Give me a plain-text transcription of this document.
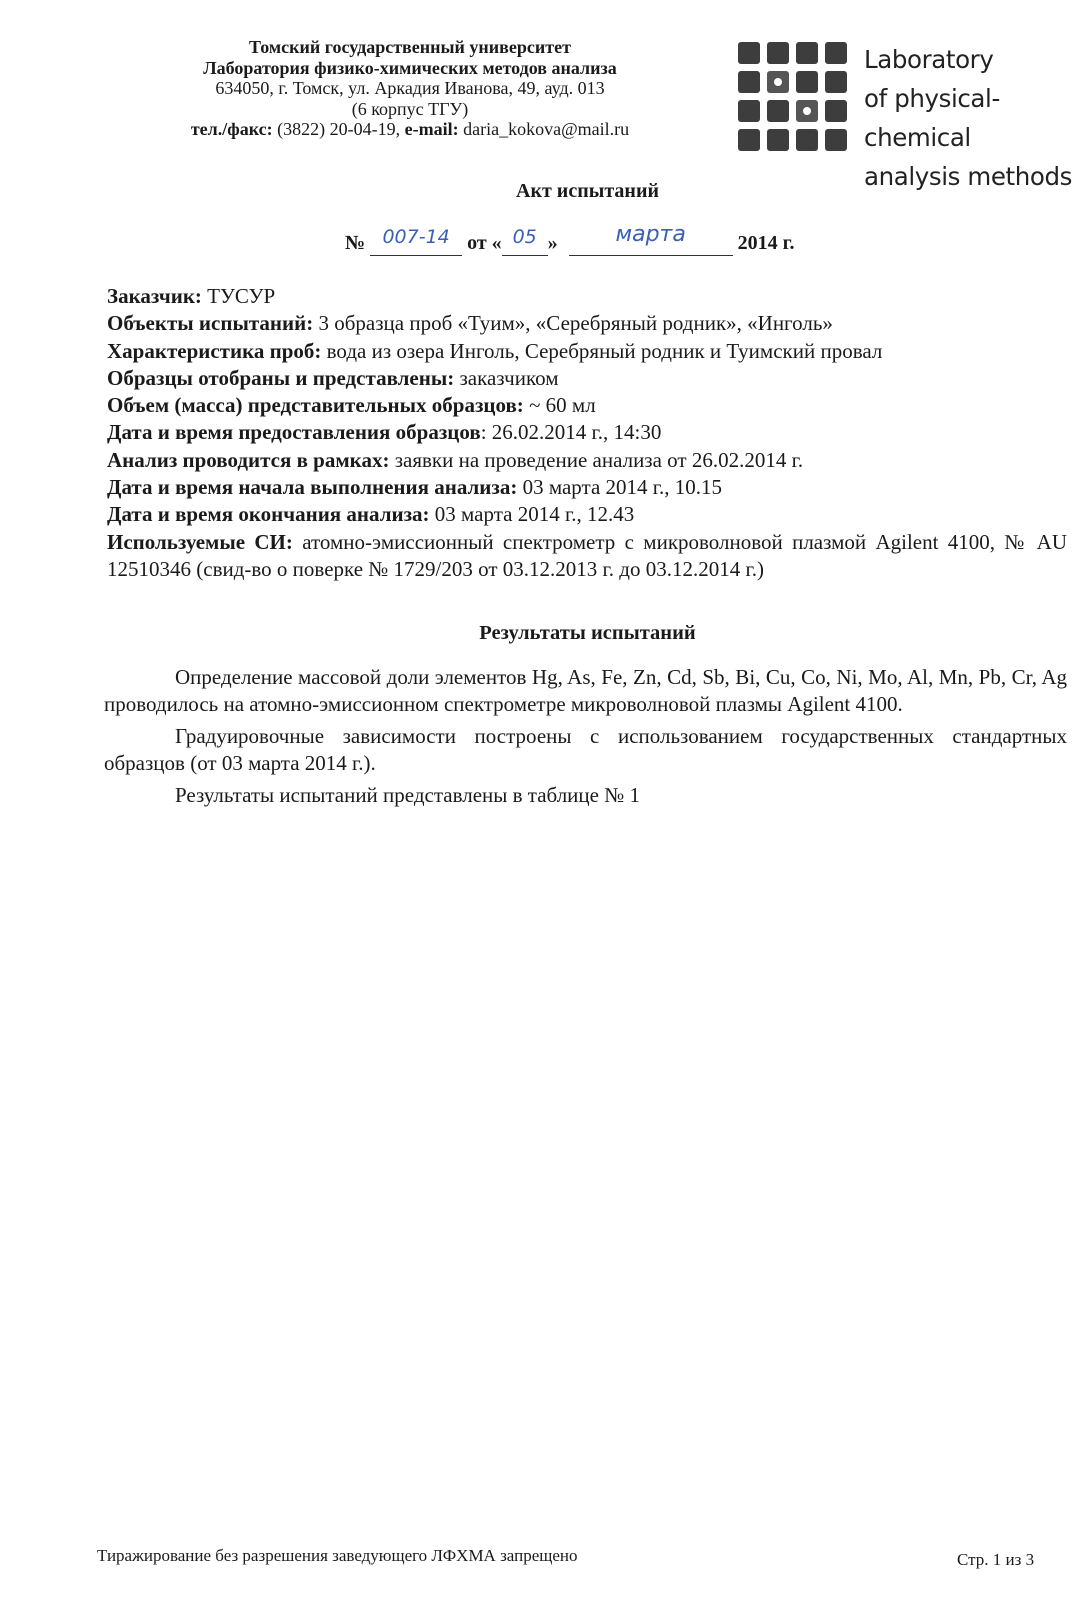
Томский государственный университет
Лаборатория физико-химических методов анализа
634050, г. Томск, ул. Аркадия Иванова, 49, ауд. 013
(6 корпус ТГУ)
тел./факс: (3822) 20-04-19, e-mail: daria_kokova@mail.ru
Laboratory
of physical-chemical
analysis methods
Акт испытаний
№ 007-14 от « 05 »	марта	2014 г.

Заказчик: ТУСУР

Объекты испытаний: 3 образца проб «Туим», «Серебряный родник», «Инголь»

Характеристика проб: вода из озера Инголь, Серебряный родник и Туимский провал

Образцы отобраны и представлены: заказчиком

Объем (масса) представительных образцов: ~ 60 мл

Дата и время предоставления образцов: 26.02.2014 г., 14:30

Анализ проводится в рамках: заявки на проведение анализа от 26.02.2014 г.

Дата и время начала выполнения анализа: 03 марта 2014 г., 10.15

Дата и время окончания анализа: 03 марта 2014 г., 12.43

Используемые СИ: атомно-эмиссионный спектрометр с микроволновой плазмой Agilent 4100, № AU 12510346 (свид-во о поверке № 1729/203 от 03.12.2013 г. до 03.12.2014 г.)

Результаты испытаний

Определение массовой доли элементов Hg, As, Fe, Zn, Cd, Sb, Bi, Cu, Co, Ni, Mo, Al, Mn, Pb, Cr, Ag проводилось на атомно-эмиссионном спектрометре микроволновой плазмы Agilent 4100.

Градуировочные зависимости построены с использованием государственных стандартных образцов (от 03 марта 2014 г.).

Результаты испытаний представлены в таблице № 1

Тиражирование без разрешения заведующего ЛФХМА запрещено	Стр. 1 из 3
